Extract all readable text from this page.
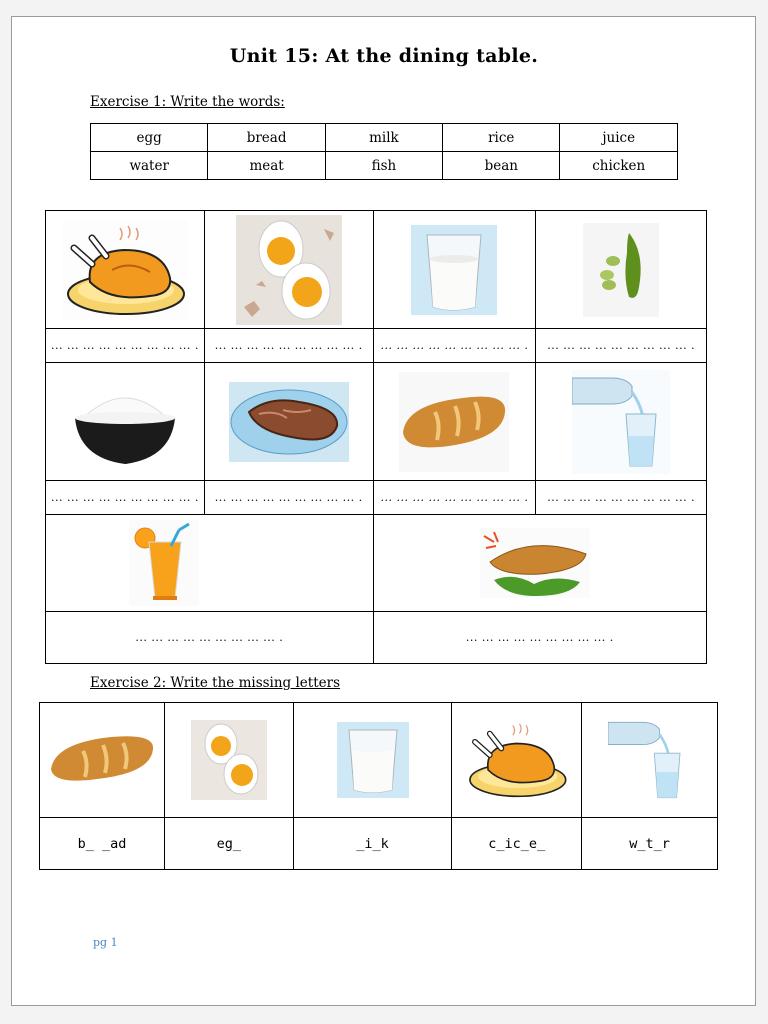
Unit 15: At the dining table.
Exercise 1: Write the words:
egg	bread	milk	rice	juice
water	meat	fish	bean	chicken

... ... ... ... ... ... ... ... ... .	... ... ... ... ... ... ... ... ... .	... ... ... ... ... ... ... ... ... .	... ... ... ... ... ... ... ... ... .

... ... ... ... ... ... ... ... ... .	... ... ... ... ... ... ... ... ... .	... ... ... ... ... ... ... ... ... .	... ... ... ... ... ... ... ... ... .

... ... ... ... ... ... ... ... ... .		... ... ... ... ... ... ... ... ... .	
Exercise 2: Write the missing letters

b_ _ad	eg_	_i_k	c_ic_e_	w_t_r
pg 1
